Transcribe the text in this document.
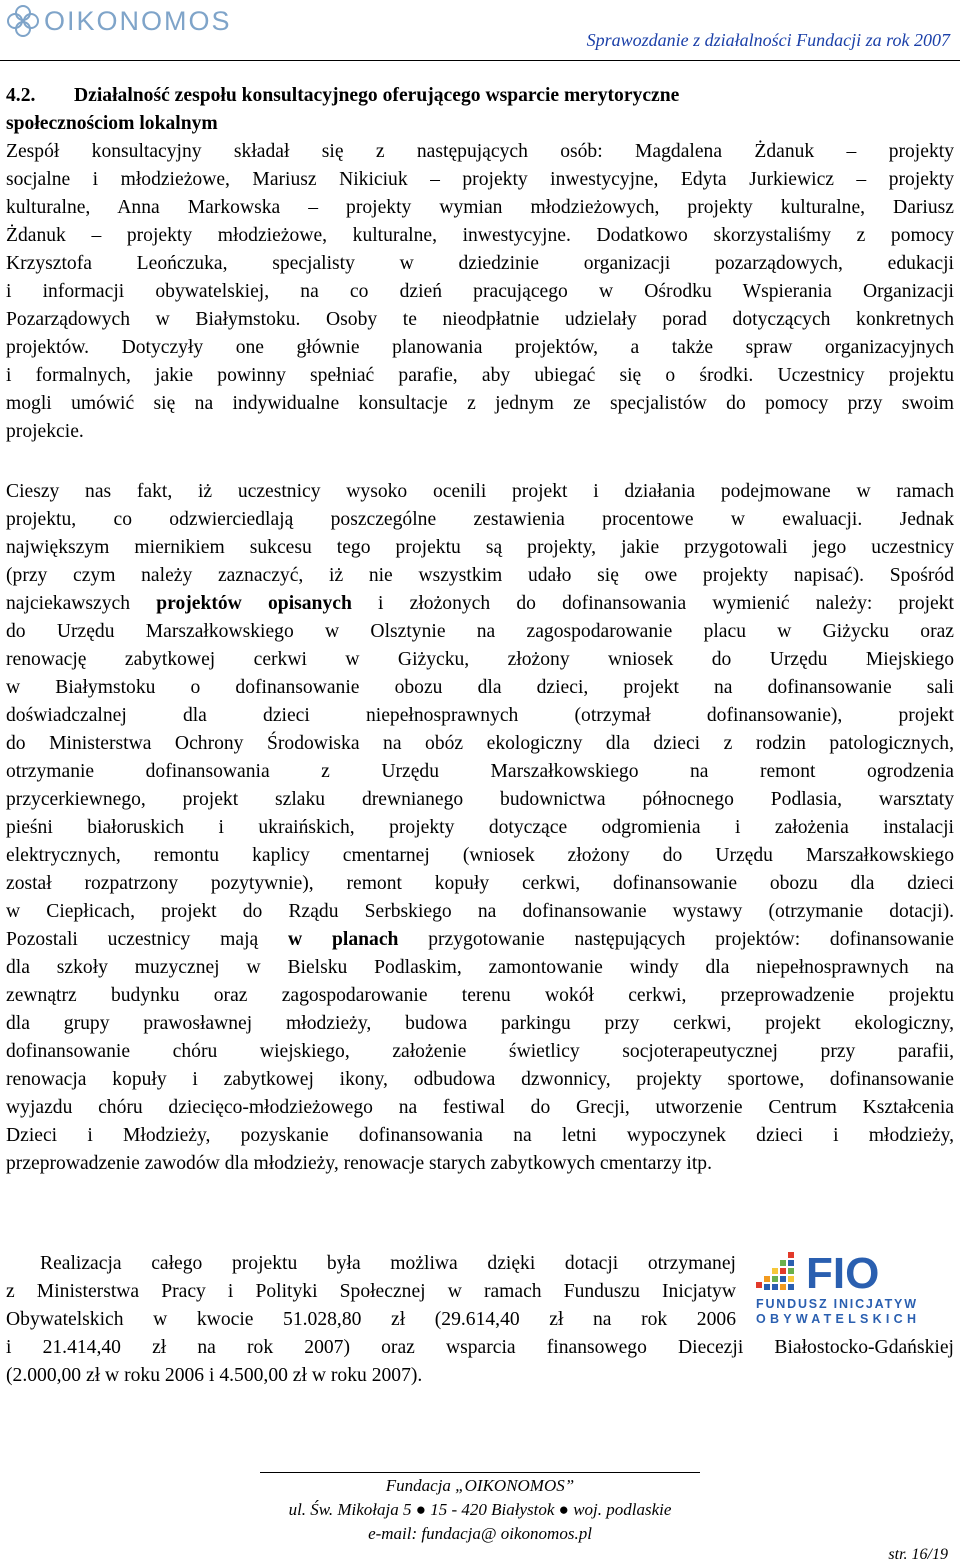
OIKONOMOS
Sprawozdanie z działalności Fundacji za rok 2007
4.2. Działalność zespołu konsultacyjnego oferującego wsparcie merytoryczne
społecznościom lokalnym
Zespół konsultacyjny składał się z następujących osób: Magdalena Żdanuk – projekty
socjalne i młodzieżowe, Mariusz Nikiciuk – projekty inwestycyjne, Edyta Jurkiewicz – projekty
kulturalne, Anna Markowska – projekty wymian młodzieżowych, projekty kulturalne, Dariusz
Żdanuk – projekty młodzieżowe, kulturalne, inwestycyjne. Dodatkowo skorzystaliśmy z pomocy
Krzysztofa Leończuka, specjalisty w dziedzinie organizacji pozarządowych, edukacji
i informacji obywatelskiej, na co dzień pracującego w Ośrodku Wspierania Organizacji
Pozarządowych w Białymstoku. Osoby te nieodpłatnie udzielały porad dotyczących konkretnych
projektów. Dotyczyły one głównie planowania projektów, a także spraw organizacyjnych
i formalnych, jakie powinny spełniać parafie, aby ubiegać się o środki. Uczestnicy projektu
mogli umówić się na indywidualne konsultacje z jednym ze specjalistów do pomocy przy swoim
projekcie.
Cieszy nas fakt, iż uczestnicy wysoko ocenili projekt i działania podejmowane w ramach
projektu, co odzwierciedlają poszczególne zestawienia procentowe w ewaluacji. Jednak
największym miernikiem sukcesu tego projektu są projekty, jakie przygotowali jego uczestnicy
(przy czym należy zaznaczyć, iż nie wszystkim udało się owe projekty napisać). Spośród
najciekawszych projektów opisanych i złożonych do dofinansowania wymienić należy: projekt
do Urzędu Marszałkowskiego w Olsztynie na zagospodarowanie placu w Giżycku oraz
renowację zabytkowej cerkwi w Giżycku, złożony wniosek do Urzędu Miejskiego
w Białymstoku o dofinansowanie obozu dla dzieci, projekt na dofinansowanie sali
doświadczalnej dla dzieci niepełnosprawnych (otrzymał dofinansowanie), projekt
do Ministerstwa Ochrony Środowiska na obóz ekologiczny dla dzieci z rodzin patologicznych,
otrzymanie dofinansowania z Urzędu Marszałkowskiego na remont ogrodzenia
przycerkiewnego, projekt szlaku drewnianego budownictwa północnego Podlasia, warsztaty
pieśni białoruskich i ukraińskich, projekty dotyczące odgromienia i założenia instalacji
elektrycznych, remontu kaplicy cmentarnej (wniosek złożony do Urzędu Marszałkowskiego
został rozpatrzony pozytywnie), remont kopuły cerkwi, dofinansowanie obozu dla dzieci
w Ciepłicach, projekt do Rządu Serbskiego na dofinansowanie wystawy (otrzymanie dotacji).
Pozostali uczestnicy mają w planach przygotowanie następujących projektów: dofinansowanie
dla szkoły muzycznej w Bielsku Podlaskim, zamontowanie windy dla niepełnosprawnych na
zewnątrz budynku oraz zagospodarowanie terenu wokół cerkwi, przeprowadzenie projektu
dla grupy prawosławnej młodzieży, budowa parkingu przy cerkwi, projekt ekologiczny,
dofinansowanie chóru wiejskiego, założenie świetlicy socjoterapeutycznej przy parafii,
renowacja kopuły i zabytkowej ikony, odbudowa dzwonnicy, projekty sportowe, dofinansowanie
wyjazdu chóru dziecięco-młodzieżowego na festiwal do Grecji, utworzenie Centrum Kształcenia
Dzieci i Młodzieży, pozyskanie dofinansowania na letni wypoczynek dzieci i młodzieży,
przeprowadzenie zawodów dla młodzieży, renowacje starych zabytkowych cmentarzy itp.
Realizacja całego projektu była możliwa dzięki dotacji otrzymanej
z Ministerstwa Pracy i Polityki Społecznej w ramach Funduszu Inicjatyw
Obywatelskich w kwocie 51.028,80 zł (29.614,40 zł na rok 2006
i 21.414,40 zł na rok 2007) oraz wsparcia finansowego Diecezji Białostocko-Gdańskiej
(2.000,00 zł w roku 2006 i 4.500,00 zł w roku 2007).
FIO
FUNDUSZ INICJATYW
OBYWATELSKICH
Fundacja „OIKONOMOS”
ul. Św. Mikołaja 5 ● 15 - 420 Białystok ● woj. podlaskie
e-mail: fundacja@ oikonomos.pl
str. 16/19
